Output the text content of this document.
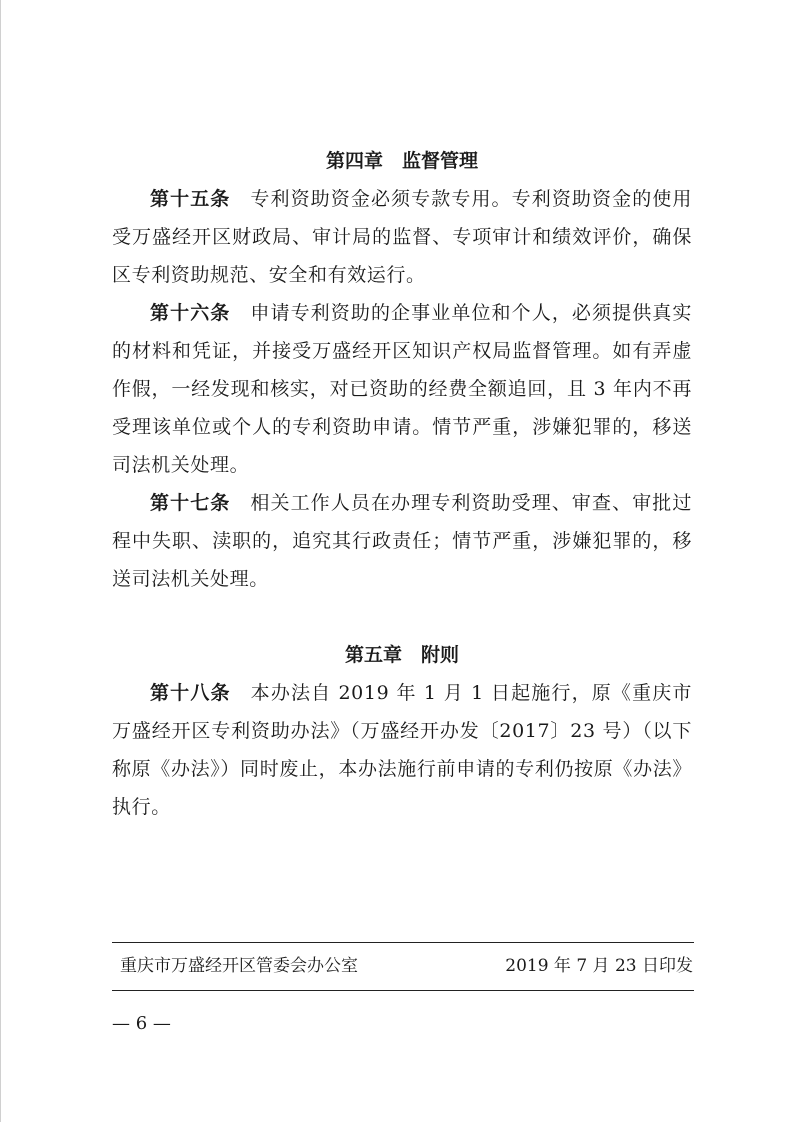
第四章　监督管理

第十五条 专利资助资金必须专款专用。专利资助资金的使用受万盛经开区财政局、审计局的监督、专项审计和绩效评价，确保区专利资助规范、安全和有效运行。

第十六条 申请专利资助的企事业单位和个人，必须提供真实的材料和凭证，并接受万盛经开区知识产权局监督管理。如有弄虚作假，一经发现和核实，对已资助的经费全额追回，且 3 年内不再受理该单位或个人的专利资助申请。情节严重，涉嫌犯罪的，移送司法机关处理。

第十七条 相关工作人员在办理专利资助受理、审查、审批过程中失职、渎职的，追究其行政责任；情节严重，涉嫌犯罪的，移送司法机关处理。

第五章　附则

第十八条 本办法自 2019 年 1 月 1 日起施行，原《重庆市万盛经开区专利资助办法》（万盛经开办发〔2017〕23 号）（以下称原《办法》）同时废止，本办法施行前申请的专利仍按原《办法》执行。

重庆市万盛经开区管委会办公室	2019 年 7 月 23 日印发
— 6 —
